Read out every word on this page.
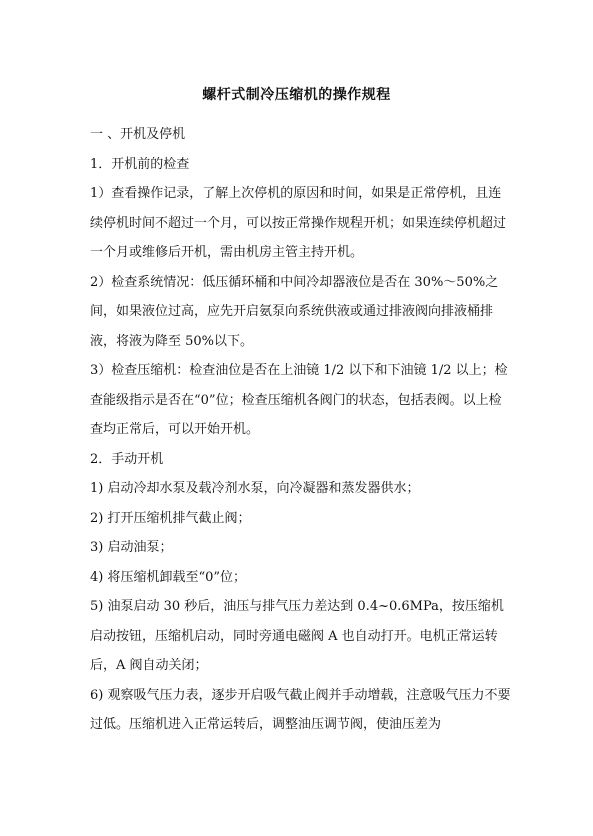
螺杆式制冷压缩机的操作规程

一 、开机及停机

1．开机前的检查

1）查看操作记录，了解上次停机的原因和时间，如果是正常停机，且连续停机时间不超过一个月，可以按正常操作规程开机；如果连续停机超过一个月或维修后开机，需由机房主管主持开机。

2）检查系统情况：低压循环桶和中间冷却器液位是否在 30%～50%之间，如果液位过高，应先开启氨泵向系统供液或通过排液阀向排液桶排液，将液为降至 50%以下。

3）检查压缩机：检查油位是否在上油镜 1/2 以下和下油镜 1/2 以上；检查能级指示是否在“0”位；检查压缩机各阀门的状态，包括表阀。以上检查均正常后，可以开始开机。

2．手动开机

1) 启动冷却水泵及载冷剂水泵，向冷凝器和蒸发器供水；

2) 打开压缩机排气截止阀；

3) 启动油泵；

4) 将压缩机卸载至“0”位；

5) 油泵启动 30 秒后，油压与排气压力差达到 0.4~0.6MPa，按压缩机启动按钮，压缩机启动，同时旁通电磁阀 A 也自动打开。电机正常运转后，A 阀自动关闭；

6) 观察吸气压力表，逐步开启吸气截止阀并手动增载，注意吸气压力不要过低。压缩机进入正常运转后，调整油压调节阀，使油压差为
